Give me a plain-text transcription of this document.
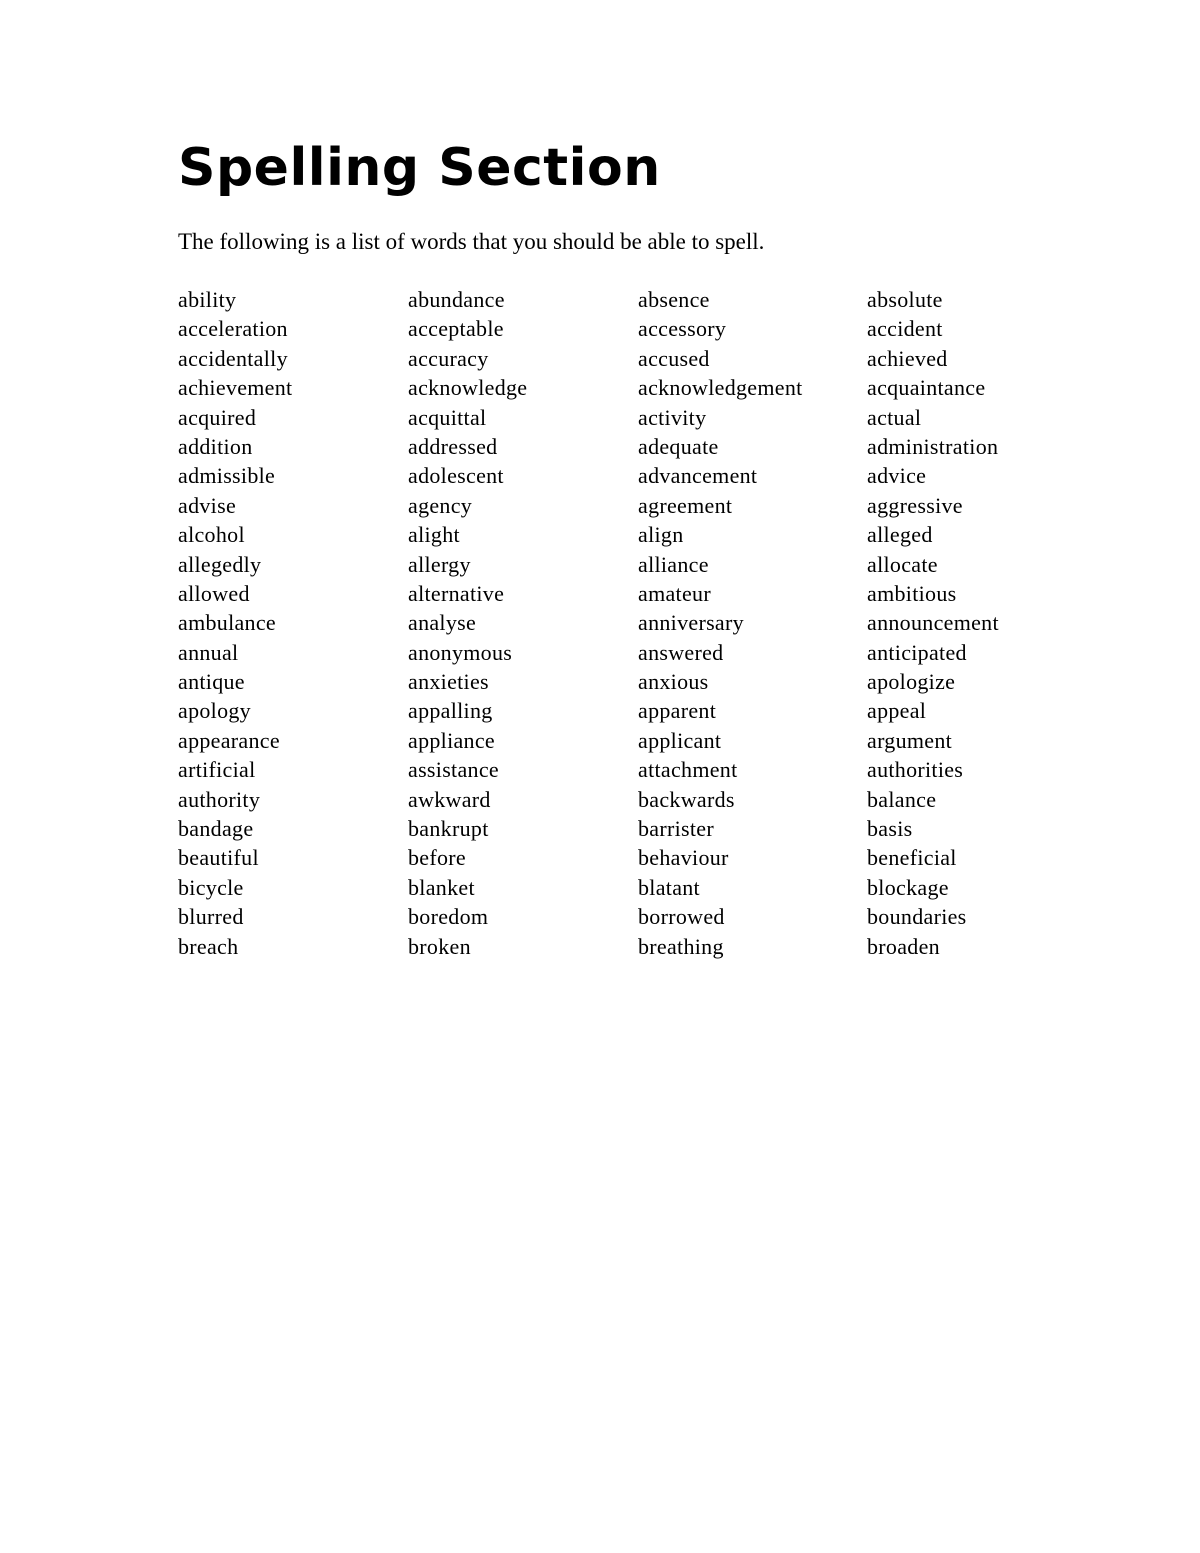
Spelling Section

The following is a list of words that you should be able to spell.

ability	abundance	absence	absolute
acceleration	acceptable	accessory	accident
accidentally	accuracy	accused	achieved
achievement	acknowledge	acknowledgement	acquaintance
acquired	acquittal	activity	actual
addition	addressed	adequate	administration
admissible	adolescent	advancement	advice
advise	agency	agreement	aggressive
alcohol	alight	align	alleged
allegedly	allergy	alliance	allocate
allowed	alternative	amateur	ambitious
ambulance	analyse	anniversary	announcement
annual	anonymous	answered	anticipated
antique	anxieties	anxious	apologize
apology	appalling	apparent	appeal
appearance	appliance	applicant	argument
artificial	assistance	attachment	authorities
authority	awkward	backwards	balance
bandage	bankrupt	barrister	basis
beautiful	before	behaviour	beneficial
bicycle	blanket	blatant	blockage
blurred	boredom	borrowed	boundaries
breach	broken	breathing	broaden
